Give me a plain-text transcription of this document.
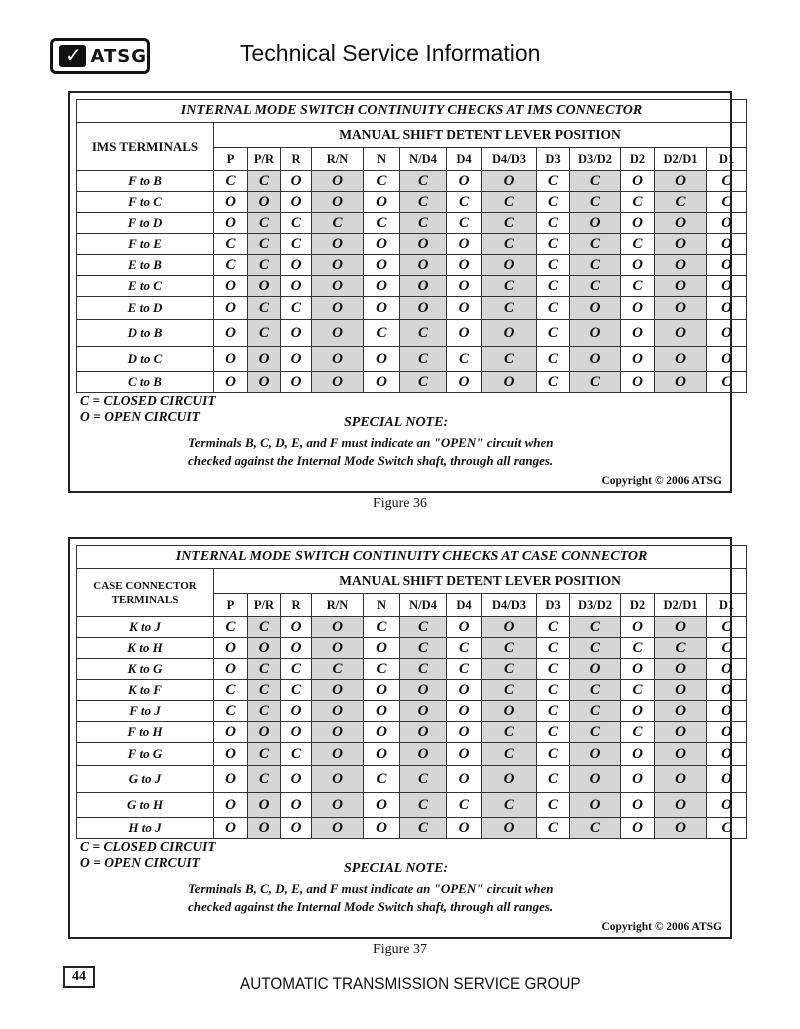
✓
ATSG	Technical Service Information
INTERNAL MODE SWITCH CONTINUITY CHECKS AT IMS CONNECTOR													
IMS TERMINALS	MANUAL SHIFT DETENT LEVER POSITION												
	P	P/R	R	R/N	N	N/D4	D4	D4/D3	D3	D3/D2	D2	D2/D1	D1
F to B	C	C	O	O	C	C	O	O	C	C	O	O	C
F to C	O	O	O	O	O	C	C	C	C	C	C	C	C
F to D	O	C	C	C	C	C	C	C	C	O	O	O	O
F to E	C	C	C	O	O	O	O	C	C	C	C	O	O
E to B	C	C	O	O	O	O	O	O	C	C	O	O	O
E to C	O	O	O	O	O	O	O	C	C	C	C	O	O
E to D	O	C	C	O	O	O	O	C	C	O	O	O	O
D to B	O	C	O	O	C	C	O	O	C	O	O	O	O
D to C	O	O	O	O	O	C	C	C	C	O	O	O	O
C to B	O	O	O	O	O	C	O	O	C	C	O	O	C
C = CLOSED CIRCUIT
O = OPEN CIRCUIT	SPECIAL NOTE:
Terminals B, C, D, E, and F must indicate an "OPEN" circuit when
checked against the Internal Mode Switch shaft, through all ranges.
Copyright © 2006 ATSG
Figure 36
INTERNAL MODE SWITCH CONTINUITY CHECKS AT CASE CONNECTOR													

CASE CONNECTOR
TERMINALS	MANUAL SHIFT DETENT LEVER POSITION												
	P	P/R	R	R/N	N	N/D4	D4	D4/D3	D3	D3/D2	D2	D2/D1	D1
K to J	C	C	O	O	C	C	O	O	C	C	O	O	C
K to H	O	O	O	O	O	C	C	C	C	C	C	C	C
K to G	O	C	C	C	C	C	C	C	C	O	O	O	O
K to F	C	C	C	O	O	O	O	C	C	C	C	O	O
F to J	C	C	O	O	O	O	O	O	C	C	O	O	O
F to H	O	O	O	O	O	O	O	C	C	C	C	O	O
F to G	O	C	C	O	O	O	O	C	C	O	O	O	O
G to J	O	C	O	O	C	C	O	O	C	O	O	O	O
G to H	O	O	O	O	O	C	C	C	C	O	O	O	O
H to J	O	O	O	O	O	C	O	O	C	C	O	O	C
C = CLOSED CIRCUIT
O = OPEN CIRCUIT	SPECIAL NOTE:
Terminals B, C, D, E, and F must indicate an "OPEN" circuit when
checked against the Internal Mode Switch shaft, through all ranges.
Copyright © 2006 ATSG
Figure 37
44	AUTOMATIC TRANSMISSION SERVICE GROUP
